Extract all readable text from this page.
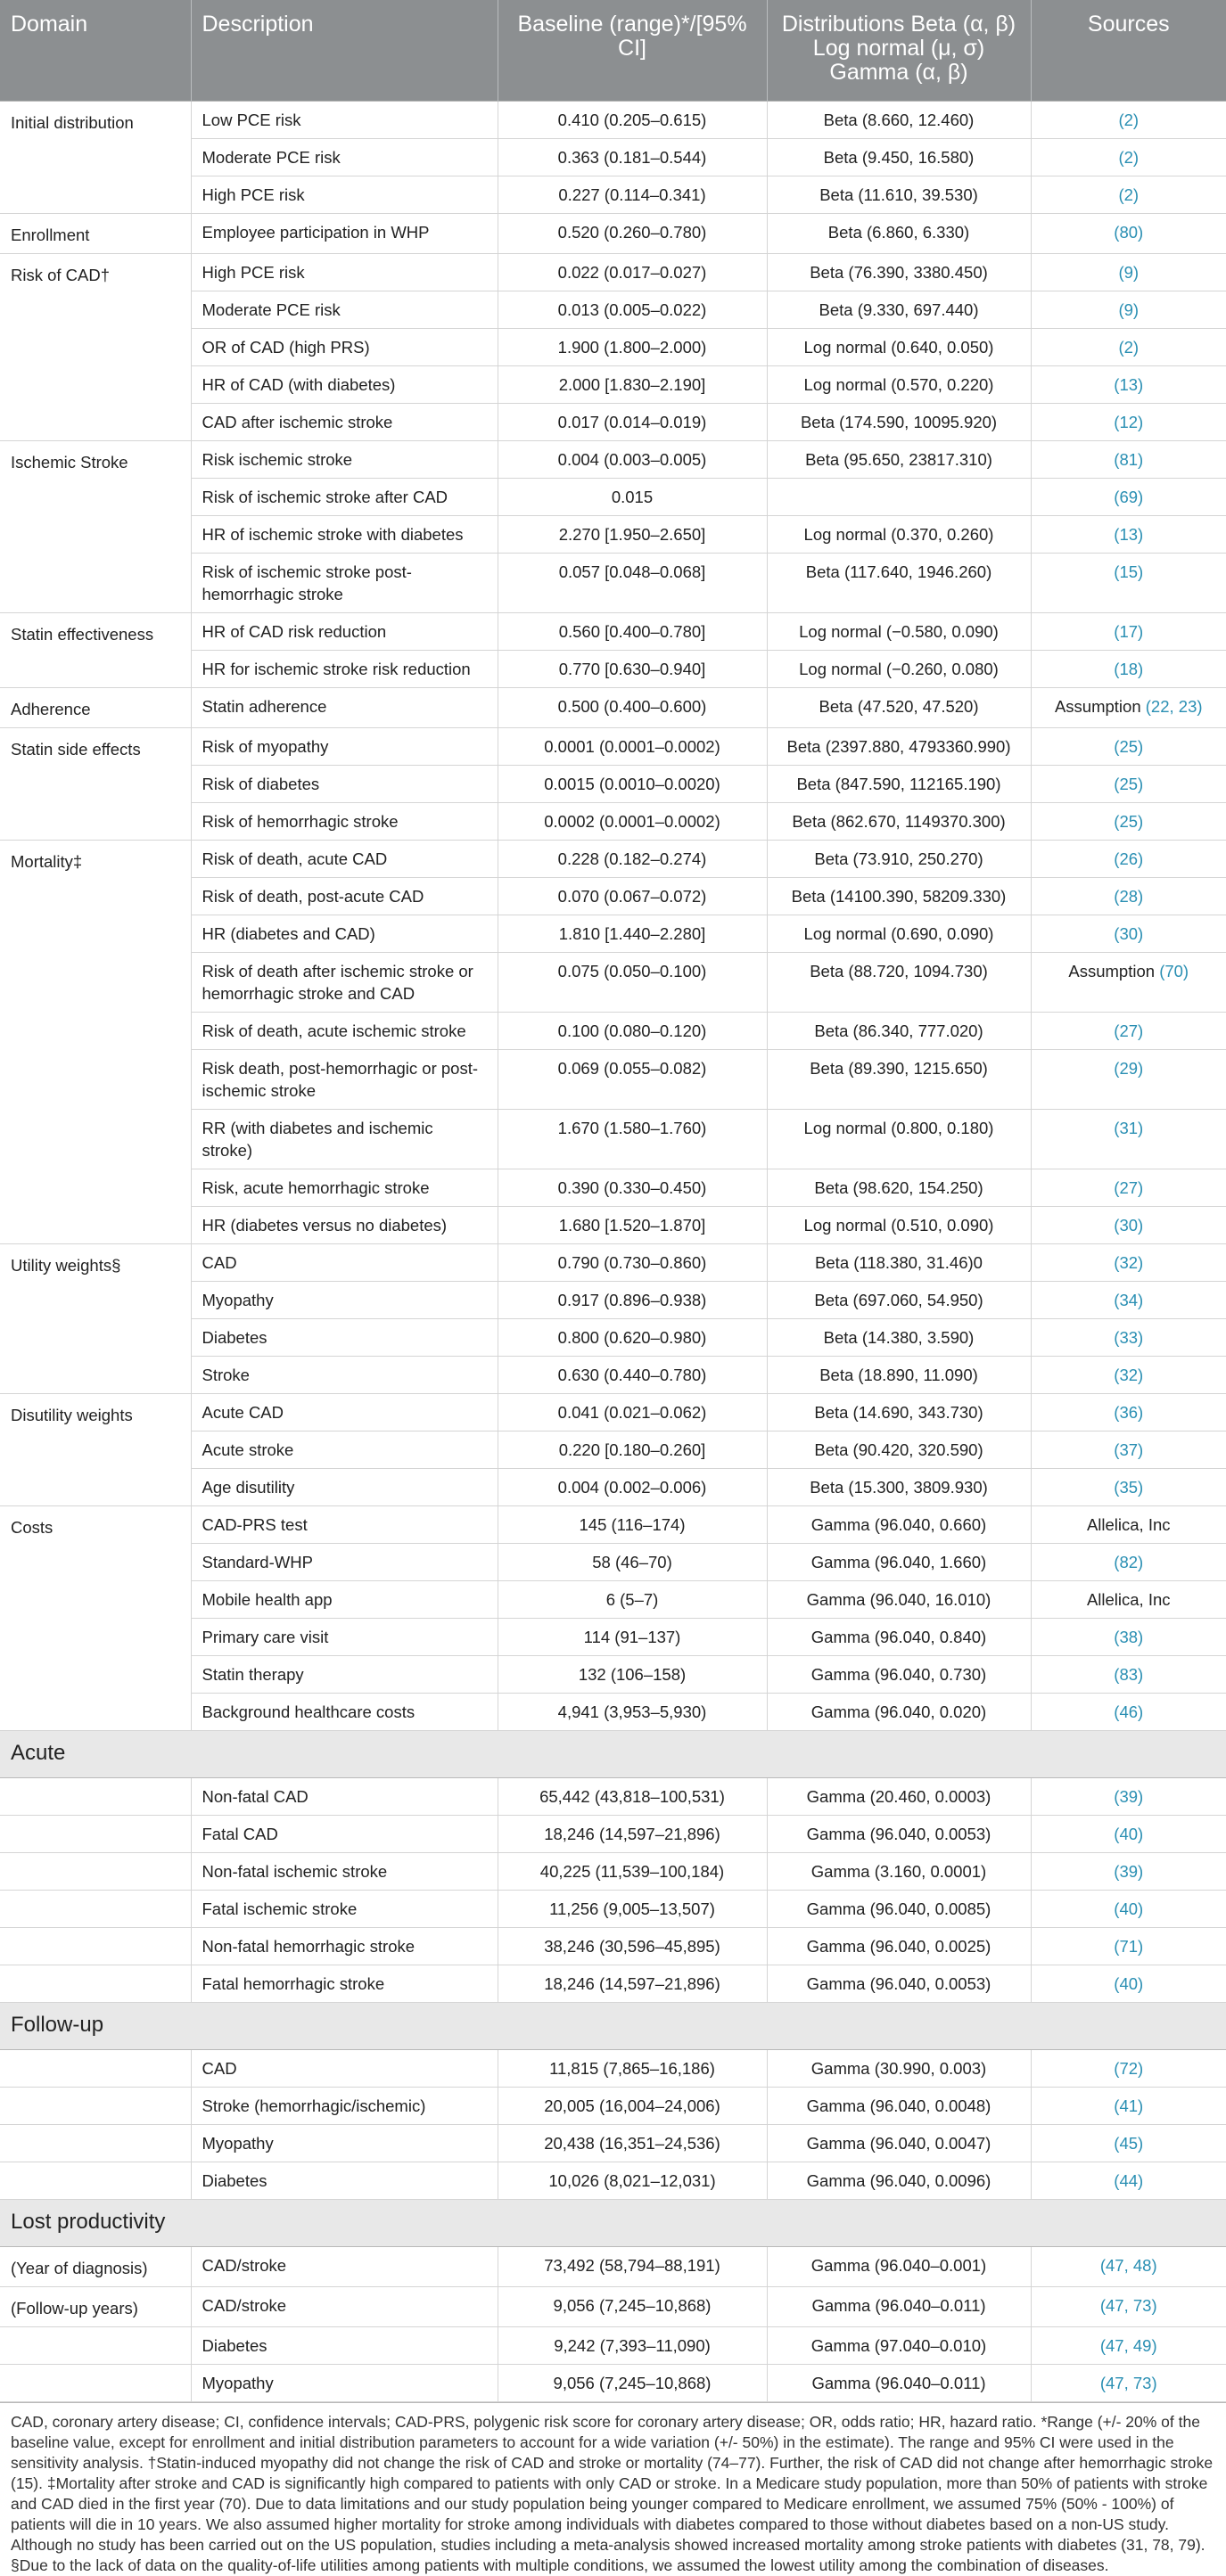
Domain	Description	Baseline (range)*/[95% CI]	Distributions Beta (α, β) Log normal (μ, σ) Gamma (α, β)	Sources
Initial distribution	Low PCE risk	0.410 (0.205–0.615)	Beta (8.660, 12.460)	(2)
	Moderate PCE risk	0.363 (0.181–0.544)	Beta (9.450, 16.580)	(2)
	High PCE risk	0.227 (0.114–0.341)	Beta (11.610, 39.530)	(2)
Enrollment	Employee participation in WHP	0.520 (0.260–0.780)	Beta (6.860, 6.330)	(80)
Risk of CAD†	High PCE risk	0.022 (0.017–0.027)	Beta (76.390, 3380.450)	(9)
	Moderate PCE risk	0.013 (0.005–0.022)	Beta (9.330, 697.440)	(9)
	OR of CAD (high PRS)	1.900 (1.800–2.000)	Log normal (0.640, 0.050)	(2)
	HR of CAD (with diabetes)	2.000 [1.830–2.190]	Log normal (0.570, 0.220)	(13)
	CAD after ischemic stroke	0.017 (0.014–0.019)	Beta (174.590, 10095.920)	(12)
Ischemic Stroke	Risk ischemic stroke	0.004 (0.003–0.005)	Beta (95.650, 23817.310)	(81)
	Risk of ischemic stroke after CAD	0.015		(69)
	HR of ischemic stroke with diabetes	2.270 [1.950–2.650]	Log normal (0.370, 0.260)	(13)
	Risk of ischemic stroke post-hemorrhagic stroke	0.057 [0.048–0.068]	Beta (117.640, 1946.260)	(15)
Statin effectiveness	HR of CAD risk reduction	0.560 [0.400–0.780]	Log normal (−0.580, 0.090)	(17)
	HR for ischemic stroke risk reduction	0.770 [0.630–0.940]	Log normal (−0.260, 0.080)	(18)
Adherence	Statin adherence	0.500 (0.400–0.600)	Beta (47.520, 47.520)	Assumption (22, 23)
Statin side effects	Risk of myopathy	0.0001 (0.0001–0.0002)	Beta (2397.880, 4793360.990)	(25)
	Risk of diabetes	0.0015 (0.0010–0.0020)	Beta (847.590, 112165.190)	(25)
	Risk of hemorrhagic stroke	0.0002 (0.0001–0.0002)	Beta (862.670, 1149370.300)	(25)
Mortality‡	Risk of death, acute CAD	0.228 (0.182–0.274)	Beta (73.910, 250.270)	(26)
	Risk of death, post-acute CAD	0.070 (0.067–0.072)	Beta (14100.390, 58209.330)	(28)
	HR (diabetes and CAD)	1.810 [1.440–2.280]	Log normal (0.690, 0.090)	(30)
	Risk of death after ischemic stroke or hemorrhagic stroke and CAD	0.075 (0.050–0.100)	Beta (88.720, 1094.730)	Assumption (70)
	Risk of death, acute ischemic stroke	0.100 (0.080–0.120)	Beta (86.340, 777.020)	(27)
	Risk death, post-hemorrhagic or post-ischemic stroke	0.069 (0.055–0.082)	Beta (89.390, 1215.650)	(29)
	RR (with diabetes and ischemic stroke)	1.670 (1.580–1.760)	Log normal (0.800, 0.180)	(31)
	Risk, acute hemorrhagic stroke	0.390 (0.330–0.450)	Beta (98.620, 154.250)	(27)
	HR (diabetes versus no diabetes)	1.680 [1.520–1.870]	Log normal (0.510, 0.090)	(30)
Utility weights§	CAD	0.790 (0.730–0.860)	Beta (118.380, 31.46)0	(32)
	Myopathy	0.917 (0.896–0.938)	Beta (697.060, 54.950)	(34)
	Diabetes	0.800 (0.620–0.980)	Beta (14.380, 3.590)	(33)
	Stroke	0.630 (0.440–0.780)	Beta (18.890, 11.090)	(32)
Disutility weights	Acute CAD	0.041 (0.021–0.062)	Beta (14.690, 343.730)	(36)
	Acute stroke	0.220 [0.180–0.260]	Beta (90.420, 320.590)	(37)
	Age disutility	0.004 (0.002–0.006)	Beta (15.300, 3809.930)	(35)
Costs	CAD-PRS test	145 (116–174)	Gamma (96.040, 0.660)	Allelica, Inc
	Standard-WHP	58 (46–70)	Gamma (96.040, 1.660)	(82)
	Mobile health app	6 (5–7)	Gamma (96.040, 16.010)	Allelica, Inc
	Primary care visit	114 (91–137)	Gamma (96.040, 0.840)	(38)
	Statin therapy	132 (106–158)	Gamma (96.040, 0.730)	(83)
	Background healthcare costs	4,941 (3,953–5,930)	Gamma (96.040, 0.020)	(46)
Acute				
	Non-fatal CAD	65,442 (43,818–100,531)	Gamma (20.460, 0.0003)	(39)
	Fatal CAD	18,246 (14,597–21,896)	Gamma (96.040, 0.0053)	(40)
	Non-fatal ischemic stroke	40,225 (11,539–100,184)	Gamma (3.160, 0.0001)	(39)
	Fatal ischemic stroke	11,256 (9,005–13,507)	Gamma (96.040, 0.0085)	(40)
	Non-fatal hemorrhagic stroke	38,246 (30,596–45,895)	Gamma (96.040, 0.0025)	(71)
	Fatal hemorrhagic stroke	18,246 (14,597–21,896)	Gamma (96.040, 0.0053)	(40)
Follow-up				
	CAD	11,815 (7,865–16,186)	Gamma (30.990, 0.003)	(72)
	Stroke (hemorrhagic/ischemic)	20,005 (16,004–24,006)	Gamma (96.040, 0.0048)	(41)
	Myopathy	20,438 (16,351–24,536)	Gamma (96.040, 0.0047)	(45)
	Diabetes	10,026 (8,021–12,031)	Gamma (96.040, 0.0096)	(44)
Lost productivity				
(Year of diagnosis)	CAD/stroke	73,492 (58,794–88,191)	Gamma (96.040–0.001)	(47, 48)
(Follow-up years)	CAD/stroke	9,056 (7,245–10,868)	Gamma (96.040–0.011)	(47, 73)
	Diabetes	9,242 (7,393–11,090)	Gamma (97.040–0.010)	(47, 49)
	Myopathy	9,056 (7,245–10,868)	Gamma (96.040–0.011)	(47, 73)
CAD, coronary artery disease; CI, confidence intervals; CAD-PRS, polygenic risk score for coronary artery disease; OR, odds ratio; HR, hazard ratio. *Range (+/- 20% of the baseline value, except for enrollment and initial distribution parameters to account for a wide variation (+/- 50%) in the estimate). The range and 95% CI were used in the sensitivity analysis. †Statin-induced myopathy did not change the risk of CAD and stroke or mortality (74–77). Further, the risk of CAD did not change after hemorrhagic stroke (15). ‡Mortality after stroke and CAD is significantly high compared to patients with only CAD or stroke. In a Medicare study population, more than 50% of patients with stroke and CAD died in the first year (70). Due to data limitations and our study population being younger compared to Medicare enrollment, we assumed 75% (50% - 100%) of patients will die in 10 years. We also assumed higher mortality for stroke among individuals with diabetes compared to those without diabetes based on a non-US study. Although no study has been carried out on the US population, studies including a meta-analysis showed increased mortality among stroke patients with diabetes (31, 78, 79). §Due to the lack of data on the quality-of-life utilities among patients with multiple conditions, we assumed the lowest utility among the combination of diseases.
